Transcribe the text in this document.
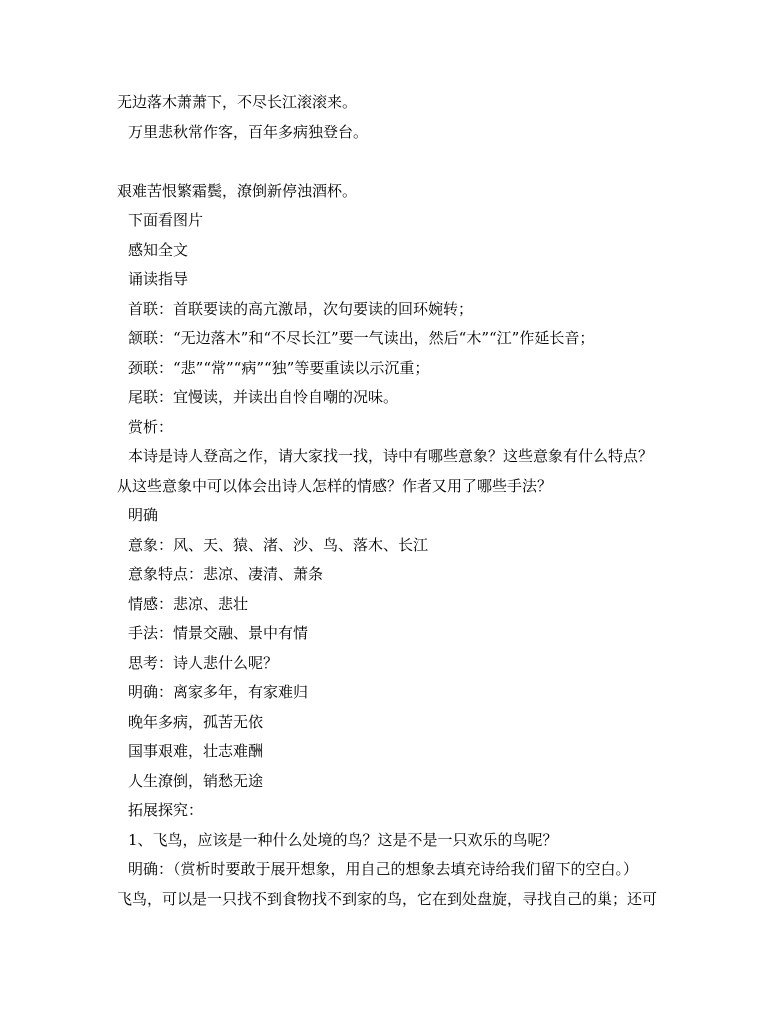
无边落木萧萧下，不尽长江滚滚来。
万里悲秋常作客，百年多病独登台。
艰难苦恨繁霜鬓，潦倒新停浊酒杯。
下面看图片
感知全文
诵读指导
首联：首联要读的高亢激昂，次句要读的回环婉转；
颔联：“无边落木”和“不尽长江”要一气读出，然后“木”“江”作延长音；
颈联：“悲”“常”“病”“独”等要重读以示沉重；
尾联：宜慢读，并读出自怜自嘲的况味。
赏析：
本诗是诗人登高之作，请大家找一找，诗中有哪些意象？这些意象有什么特点？
从这些意象中可以体会出诗人怎样的情感？作者又用了哪些手法？
明确
意象：风、天、猿、渚、沙、鸟、落木、长江
意象特点：悲凉、凄清、萧条
情感：悲凉、悲壮
手法：情景交融、景中有情
思考：诗人悲什么呢？
明确：离家多年，有家难归
晚年多病，孤苦无依
国事艰难，壮志难酬
人生潦倒，销愁无途
拓展探究：
1、飞鸟，应该是一种什么处境的鸟？这是不是一只欢乐的鸟呢？
明确：（赏析时要敢于展开想象，用自己的想象去填充诗给我们留下的空白。）
飞鸟，可以是一只找不到食物找不到家的鸟，它在到处盘旋，寻找自己的巢；还可
